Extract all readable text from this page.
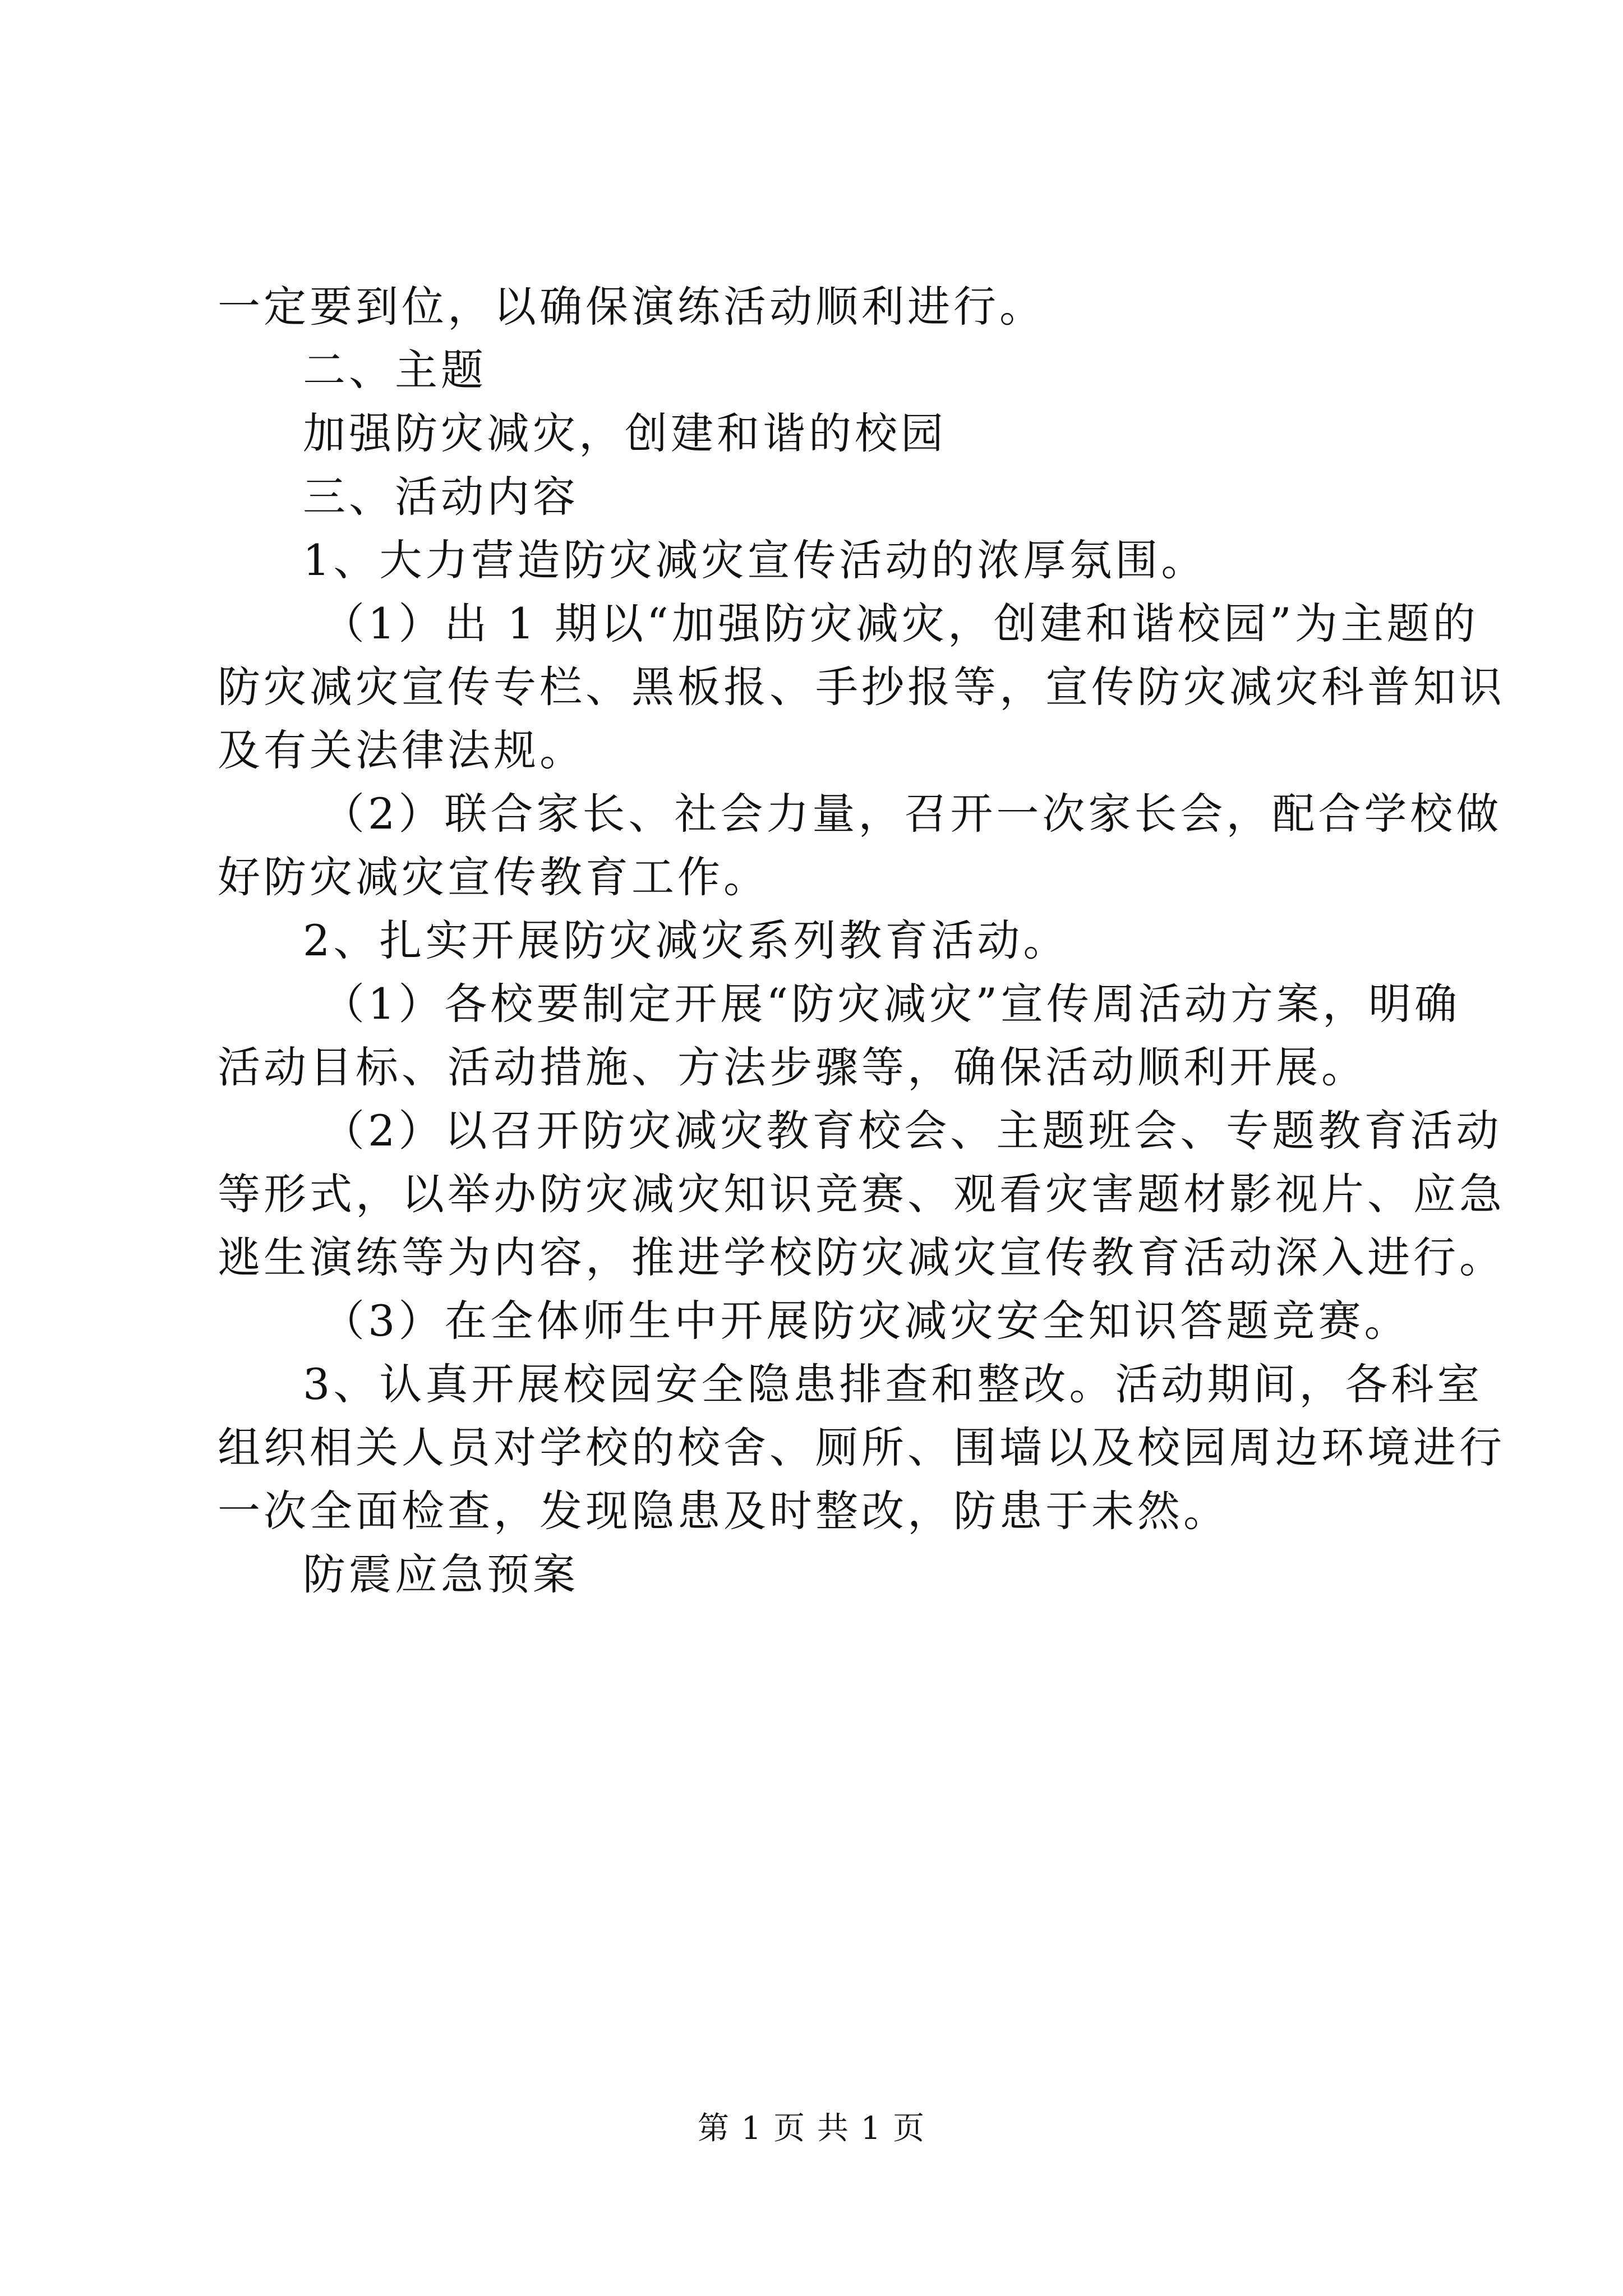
一定要到位，以确保演练活动顺利进行。
二、主题
加强防灾减灾，创建和谐的校园
三、活动内容
1、大力营造防灾减灾宣传活动的浓厚氛围。
（1）出 1 期以“加强防灾减灾，创建和谐校园”为主题的
防灾减灾宣传专栏、黑板报、手抄报等，宣传防灾减灾科普知识
及有关法律法规。
（2）联合家长、社会力量，召开一次家长会，配合学校做
好防灾减灾宣传教育工作。
2、扎实开展防灾减灾系列教育活动。
（1）各校要制定开展“防灾减灾”宣传周活动方案，明确
活动目标、活动措施、方法步骤等，确保活动顺利开展。
（2）以召开防灾减灾教育校会、主题班会、专题教育活动
等形式，以举办防灾减灾知识竞赛、观看灾害题材影视片、应急
逃生演练等为内容，推进学校防灾减灾宣传教育活动深入进行。
（3）在全体师生中开展防灾减灾安全知识答题竞赛。
3、认真开展校园安全隐患排查和整改。活动期间，各科室
组织相关人员对学校的校舍、厕所、围墙以及校园周边环境进行
一次全面检查，发现隐患及时整改，防患于未然。
防震应急预案
第 1 页 共 1 页
